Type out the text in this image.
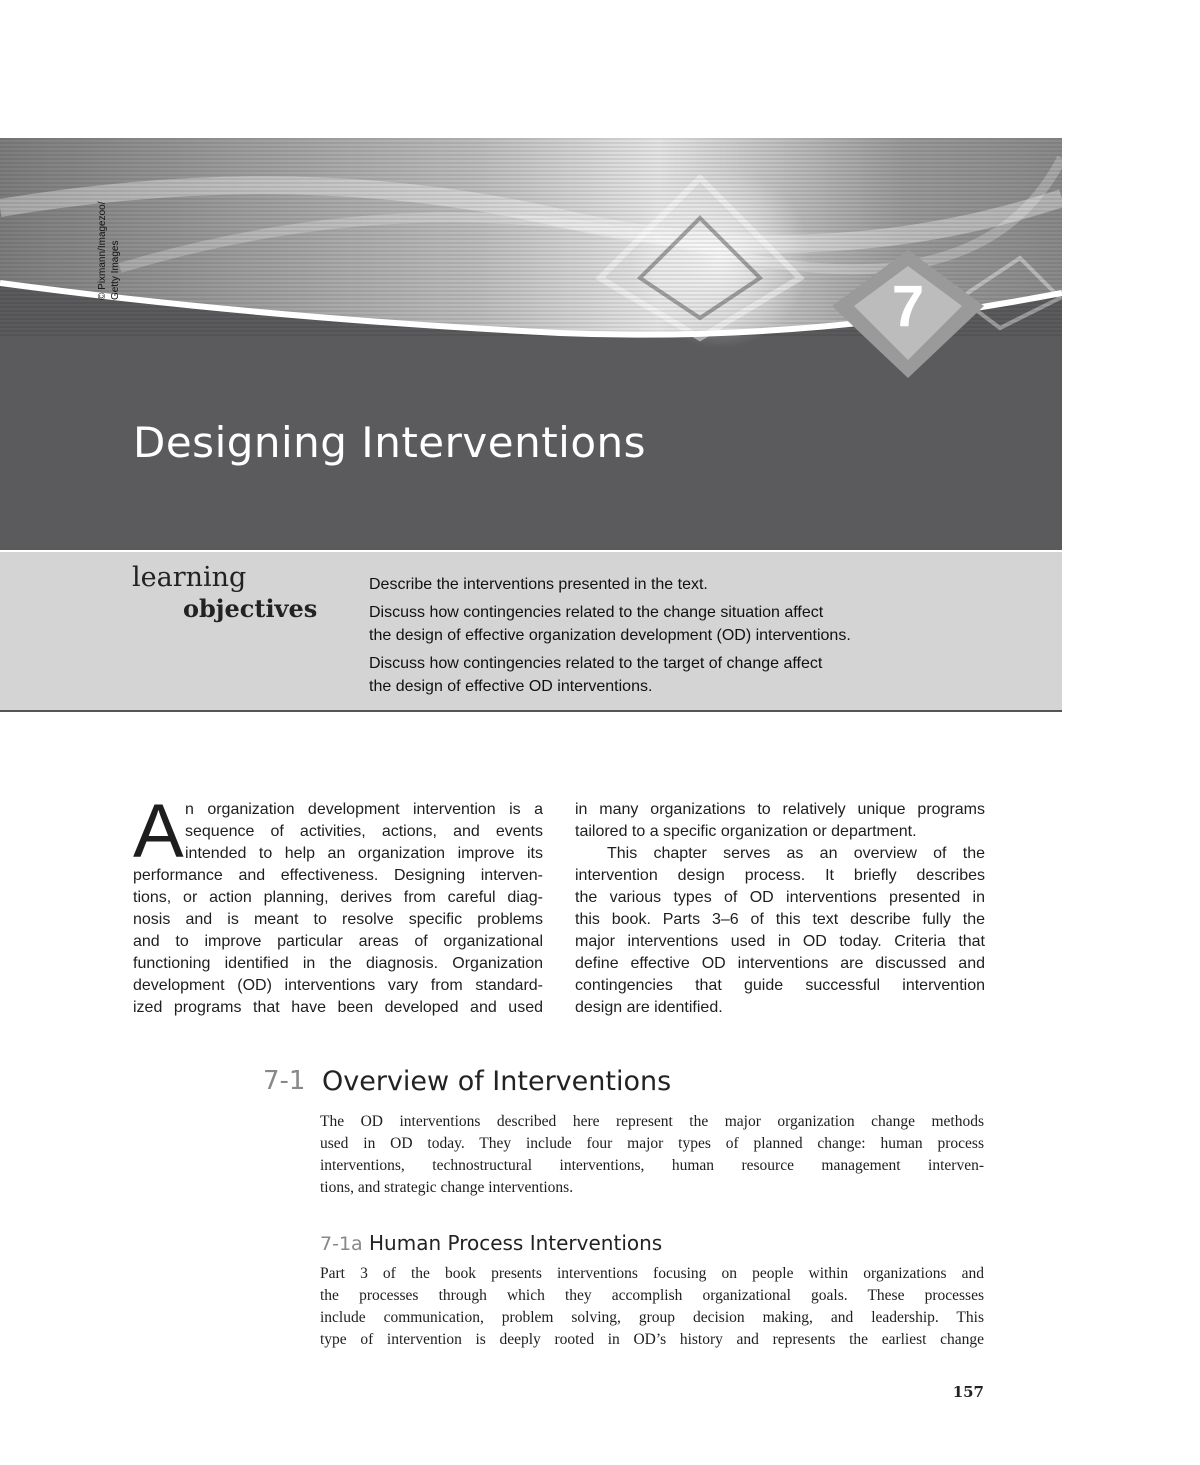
© Pixmann/Imagezoo/ Getty Images
7
Designing Interventions
learning
objectives
Describe the interventions presented in the text.
Discuss how contingencies related to the change situation affect
the design of effective organization development (OD) interventions.
Discuss how contingencies related to the target of change affect
the design of effective OD interventions.
A n organization development intervention is a
sequence of activities, actions, and events
intended to help an organization improve its
performance and effectiveness. Designing interven-
tions, or action planning, derives from careful diag-
nosis and is meant to resolve specific problems
and to improve particular areas of organizational
functioning identified in the diagnosis. Organization
development (OD) interventions vary from standard-
ized programs that have been developed and used
in many organizations to relatively unique programs
tailored to a specific organization or department.
This chapter serves as an overview of the
intervention design process. It briefly describes
the various types of OD interventions presented in
this book. Parts 3–6 of this text describe fully the
major interventions used in OD today. Criteria that
define effective OD interventions are discussed and
contingencies that guide successful intervention
design are identified.
7-1 Overview of Interventions
The OD interventions described here represent the major organization change methods
used in OD today. They include four major types of planned change: human process
interventions, technostructural interventions, human resource management interven-
tions, and strategic change interventions.
7-1a Human Process Interventions
Part 3 of the book presents interventions focusing on people within organizations and
the processes through which they accomplish organizational goals. These processes
include communication, problem solving, group decision making, and leadership. This
type of intervention is deeply rooted in OD’s history and represents the earliest change
157
